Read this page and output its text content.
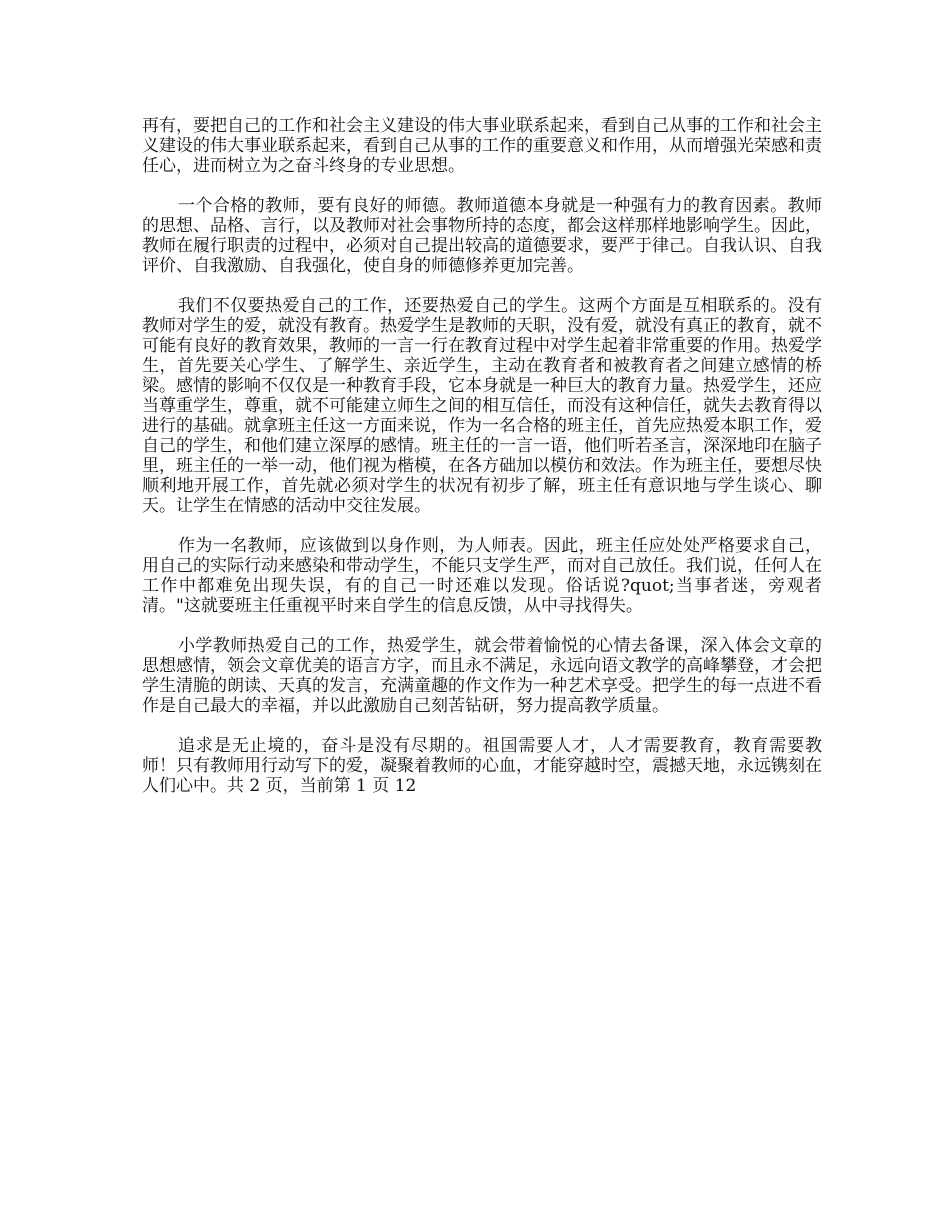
再有，要把自己的工作和社会主义建设的伟大事业联系起来，看到自己从事的工作和社会主义建设的伟大事业联系起来，看到自己从事的工作的重要意义和作用，从而增强光荣感和责任心，进而树立为之奋斗终身的专业思想。

一个合格的教师，要有良好的师德。教师道德本身就是一种强有力的教育因素。教师的思想、品格、言行，以及教师对社会事物所持的态度，都会这样那样地影响学生。因此，教师在履行职责的过程中，必须对自己提出较高的道德要求，要严于律己。自我认识、自我评价、自我激励、自我强化，使自身的师德修养更加完善。

我们不仅要热爱自己的工作，还要热爱自己的学生。这两个方面是互相联系的。没有教师对学生的爱，就没有教育。热爱学生是教师的天职，没有爱，就没有真正的教育，就不可能有良好的教育效果，教师的一言一行在教育过程中对学生起着非常重要的作用。热爱学生，首先要关心学生、了解学生、亲近学生，主动在教育者和被教育者之间建立感情的桥梁。感情的影响不仅仅是一种教育手段，它本身就是一种巨大的教育力量。热爱学生，还应当尊重学生，尊重，就不可能建立师生之间的相互信任，而没有这种信任，就失去教育得以进行的基础。就拿班主任这一方面来说，作为一名合格的班主任，首先应热爱本职工作，爱自己的学生，和他们建立深厚的感情。班主任的一言一语，他们听若圣言，深深地印在脑子里，班主任的一举一动，他们视为楷模，在各方础加以模仿和效法。作为班主任，要想尽快顺利地开展工作，首先就必须对学生的状况有初步了解，班主任有意识地与学生谈心、聊天。让学生在情感的活动中交往发展。

作为一名教师，应该做到以身作则，为人师表。因此，班主任应处处严格要求自己，用自己的实际行动来感染和带动学生，不能只支学生严，而对自己放任。我们说，任何人在工作中都难免出现失误，有的自己一时还难以发现。俗话说?quot;当事者迷，旁观者清。"这就要班主任重视平时来自学生的信息反馈，从中寻找得失。

小学教师热爱自己的工作，热爱学生，就会带着愉悦的心情去备课，深入体会文章的思想感情，领会文章优美的语言方字，而且永不满足，永远向语文教学的高峰攀登，才会把学生清脆的朗读、天真的发言，充满童趣的作文作为一种艺术享受。把学生的每一点进不看作是自己最大的幸福，并以此激励自己刻苦钻研，努力提高教学质量。

追求是无止境的，奋斗是没有尽期的。祖国需要人才，人才需要教育，教育需要教师！只有教师用行动写下的爱，凝聚着教师的心血，才能穿越时空，震撼天地，永远镌刻在人们心中。共 2 页，当前第 1 页 12
